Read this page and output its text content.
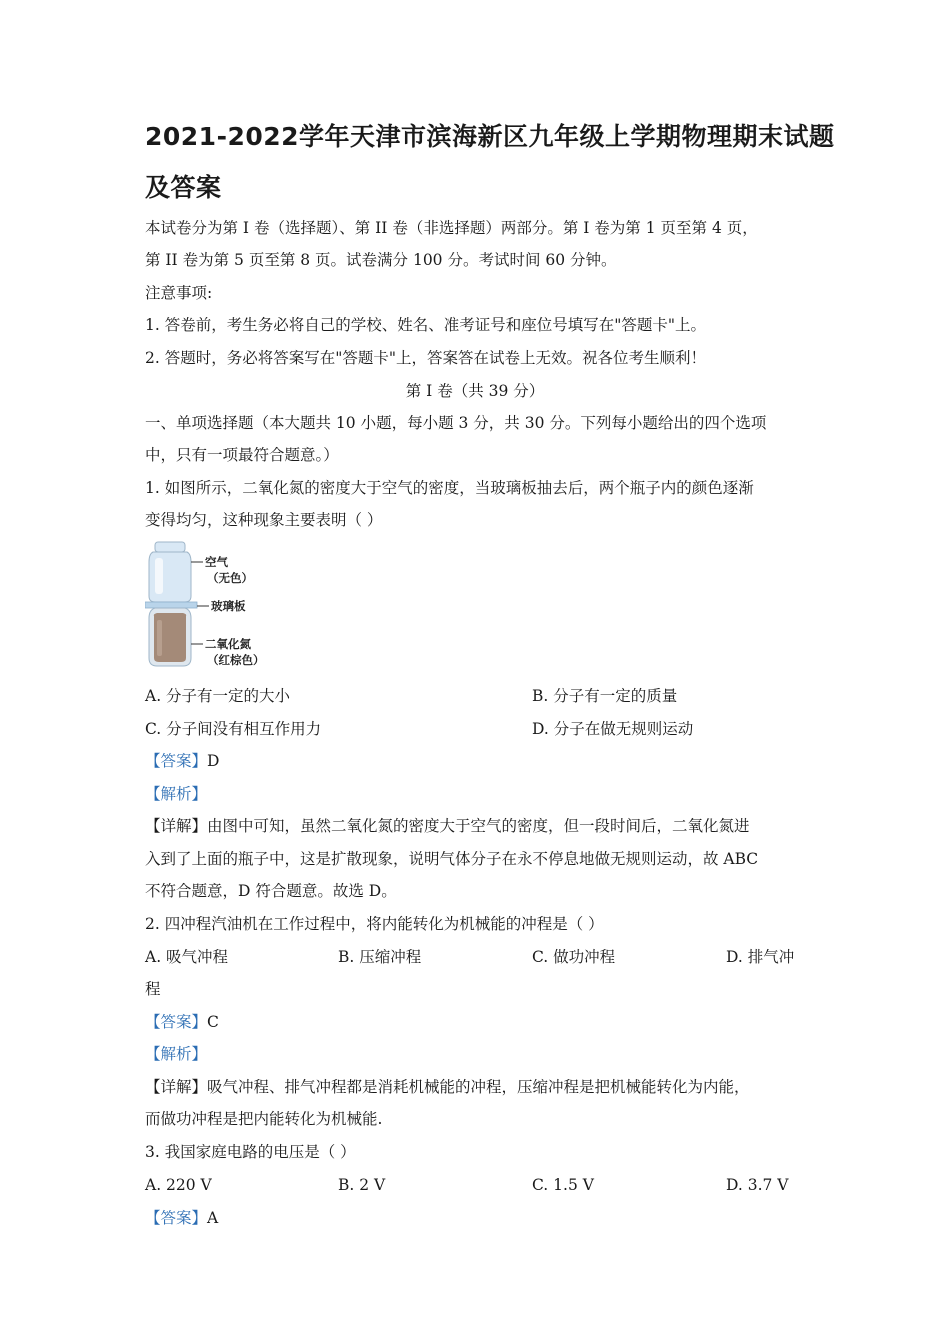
2021-2022学年天津市滨海新区九年级上学期物理期末试题
及答案
本试卷分为第 I 卷（选择题）、第 II 卷（非选择题）两部分。第 I 卷为第 1 页至第 4 页，
第 II 卷为第 5 页至第 8 页。试卷满分 100 分。考试时间 60 分钟。
注意事项:
1. 答卷前，考生务必将自己的学校、姓名、准考证号和座位号填写在"答题卡"上。
2. 答题时，务必将答案写在"答题卡"上，答案答在试卷上无效。祝各位考生顺利！
第 I 卷（共 39 分）
一、单项选择题（本大题共 10 小题，每小题 3 分，共 30 分。下列每小题给出的四个选项
中，只有一项最符合题意。）
1. 如图所示，二氧化氮的密度大于空气的密度，当玻璃板抽去后，两个瓶子内的颜色逐渐
变得均匀，这种现象主要表明（ ）
空气
（无色）
玻璃板
二氧化氮
（红棕色）
A. 分子有一定的大小	B. 分子有一定的质量
C. 分子间没有相互作用力	D. 分子在做无规则运动
【答案】D
【解析】
【详解】由图中可知，虽然二氧化氮的密度大于空气的密度，但一段时间后，二氧化氮进
入到了上面的瓶子中，这是扩散现象，说明气体分子在永不停息地做无规则运动，故 ABC
不符合题意，D 符合题意。故选 D。
2. 四冲程汽油机在工作过程中，将内能转化为机械能的冲程是（ ）
A. 吸气冲程	B. 压缩冲程	C. 做功冲程	D. 排气冲
程
【答案】C
【解析】
【详解】吸气冲程、排气冲程都是消耗机械能的冲程，压缩冲程是把机械能转化为内能，
而做功冲程是把内能转化为机械能.
3. 我国家庭电路的电压是（ ）
A. 220 V	B. 2 V	C. 1.5 V	D. 3.7 V
【答案】A
